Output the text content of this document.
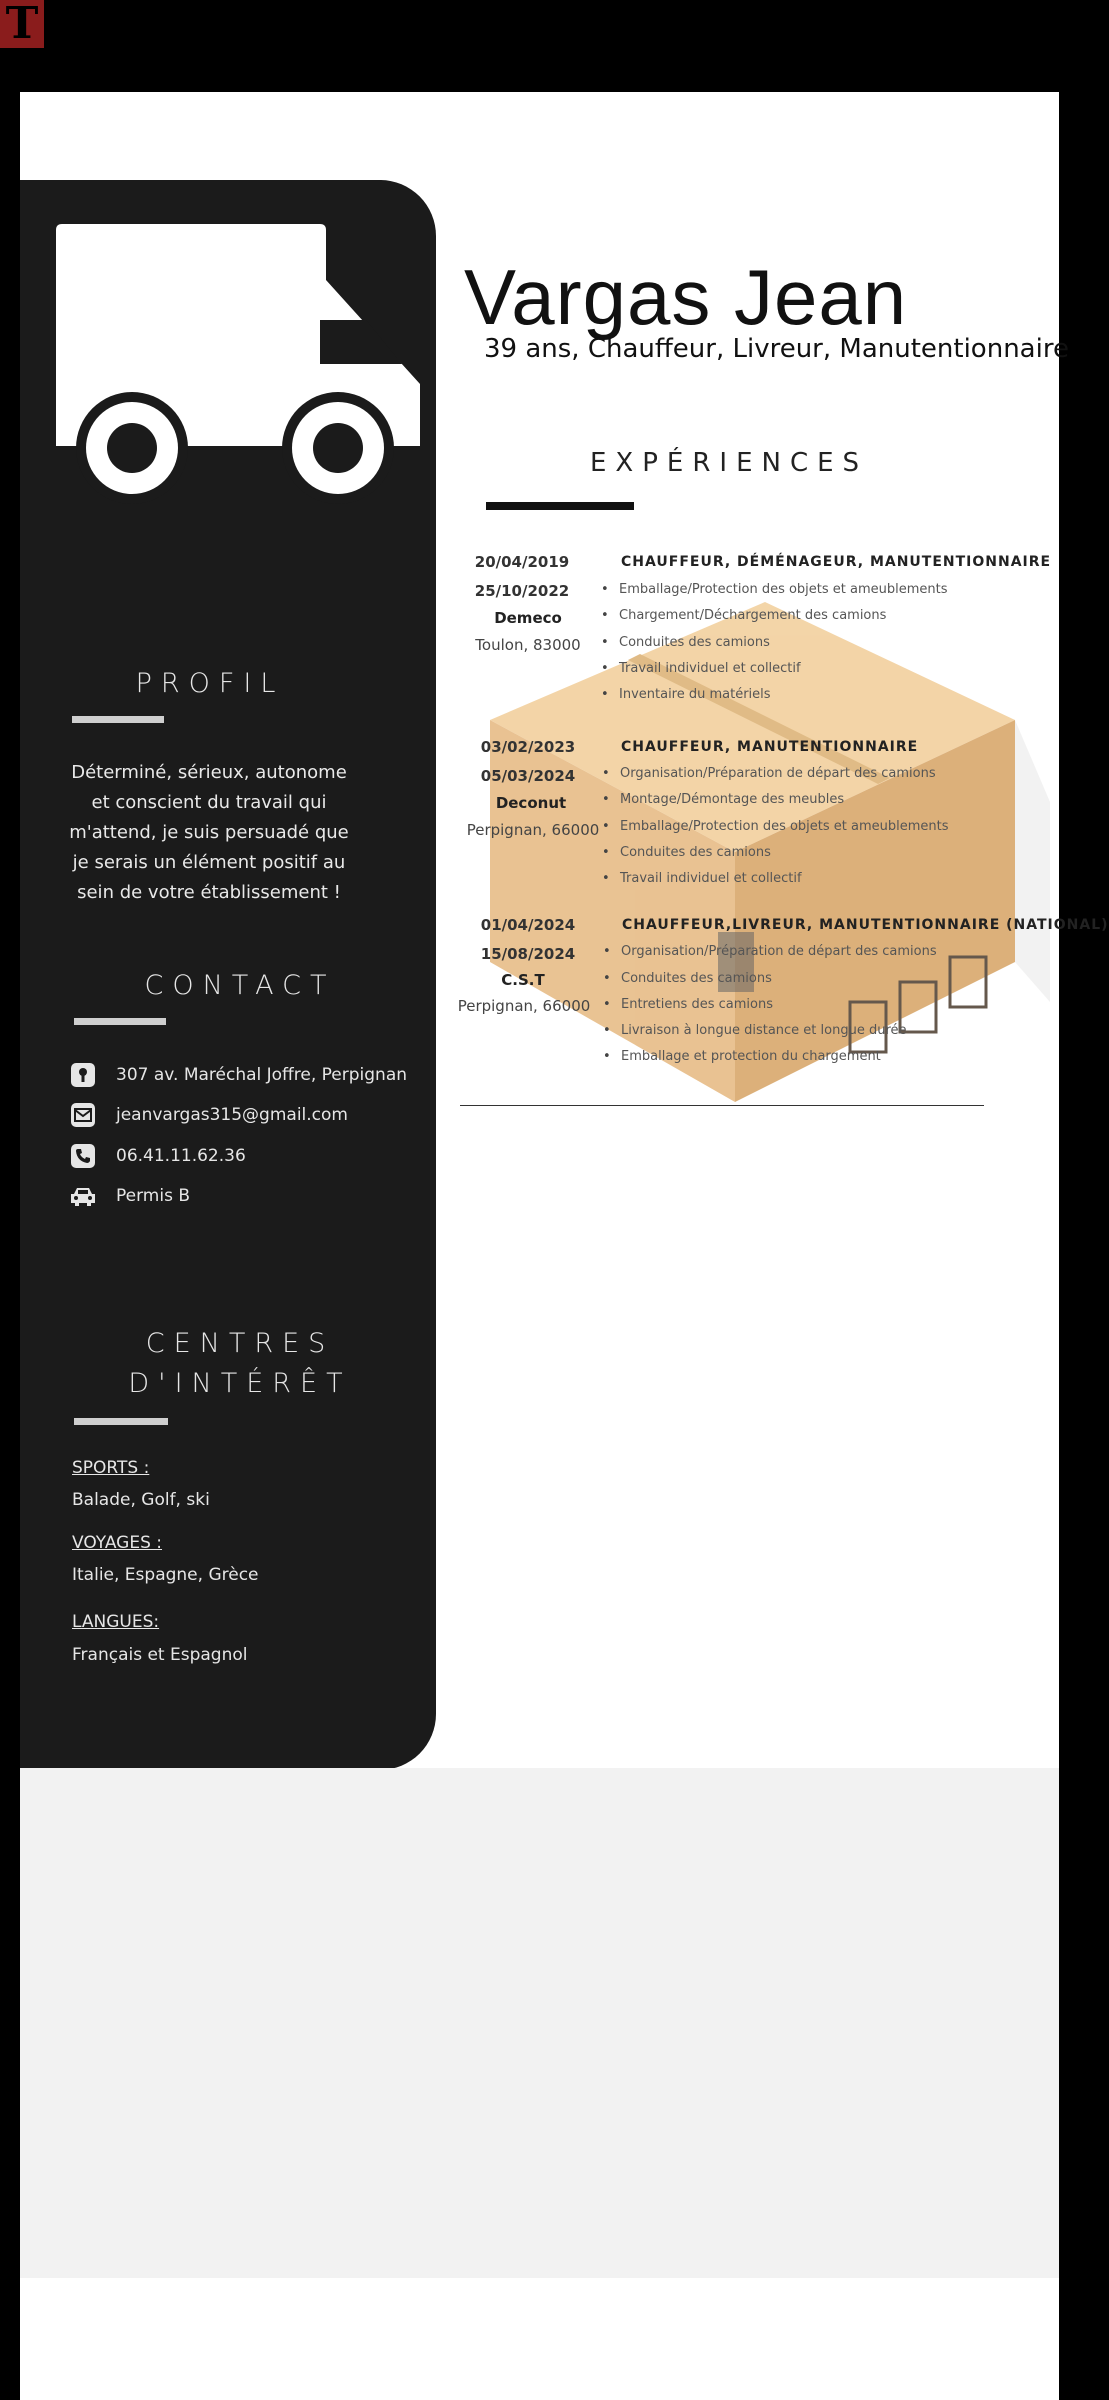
T
PROFIL
Déterminé, sérieux, autonome
et conscient du travail qui
m'attend, je suis persuadé que
je serais un élément positif au
sein de votre établissement !
CONTACT
307 av. Maréchal Joffre, Perpignan
jeanvargas315@gmail.com
06.41.11.62.36
Permis B
CENTRES
D'INTÉRÊT
SPORTS :
Balade, Golf, ski
VOYAGES :
Italie, Espagne, Grèce
LANGUES:
Français et Espagnol
Vargas Jean
39 ans, Chauffeur, Livreur, Manutentionnaire
EXPÉRIENCES
20/04/2019
25/10/2022
Demeco
Toulon, 83000
CHAUFFEUR, DÉMÉNAGEUR, MANUTENTIONNAIRE
• Emballage/Protection des objets et ameublements
• Chargement/Déchargement des camions
• Conduites des camions
• Travail individuel et collectif
• Inventaire du matériels
03/02/2023
05/03/2024
Deconut
Perpignan, 66000
CHAUFFEUR, MANUTENTIONNAIRE
• Organisation/Préparation de départ des camions
• Montage/Démontage des meubles
• Emballage/Protection des objets et ameublements
• Conduites des camions
• Travail individuel et collectif
01/04/2024
15/08/2024
C.S.T
Perpignan, 66000
CHAUFFEUR,LIVREUR, MANUTENTIONNAIRE (NATIONAL)
• Organisation/Préparation de départ des camions
• Conduites des camions
• Entretiens des camions
• Livraison à longue distance et longue durée
• Emballage et protection du chargement
